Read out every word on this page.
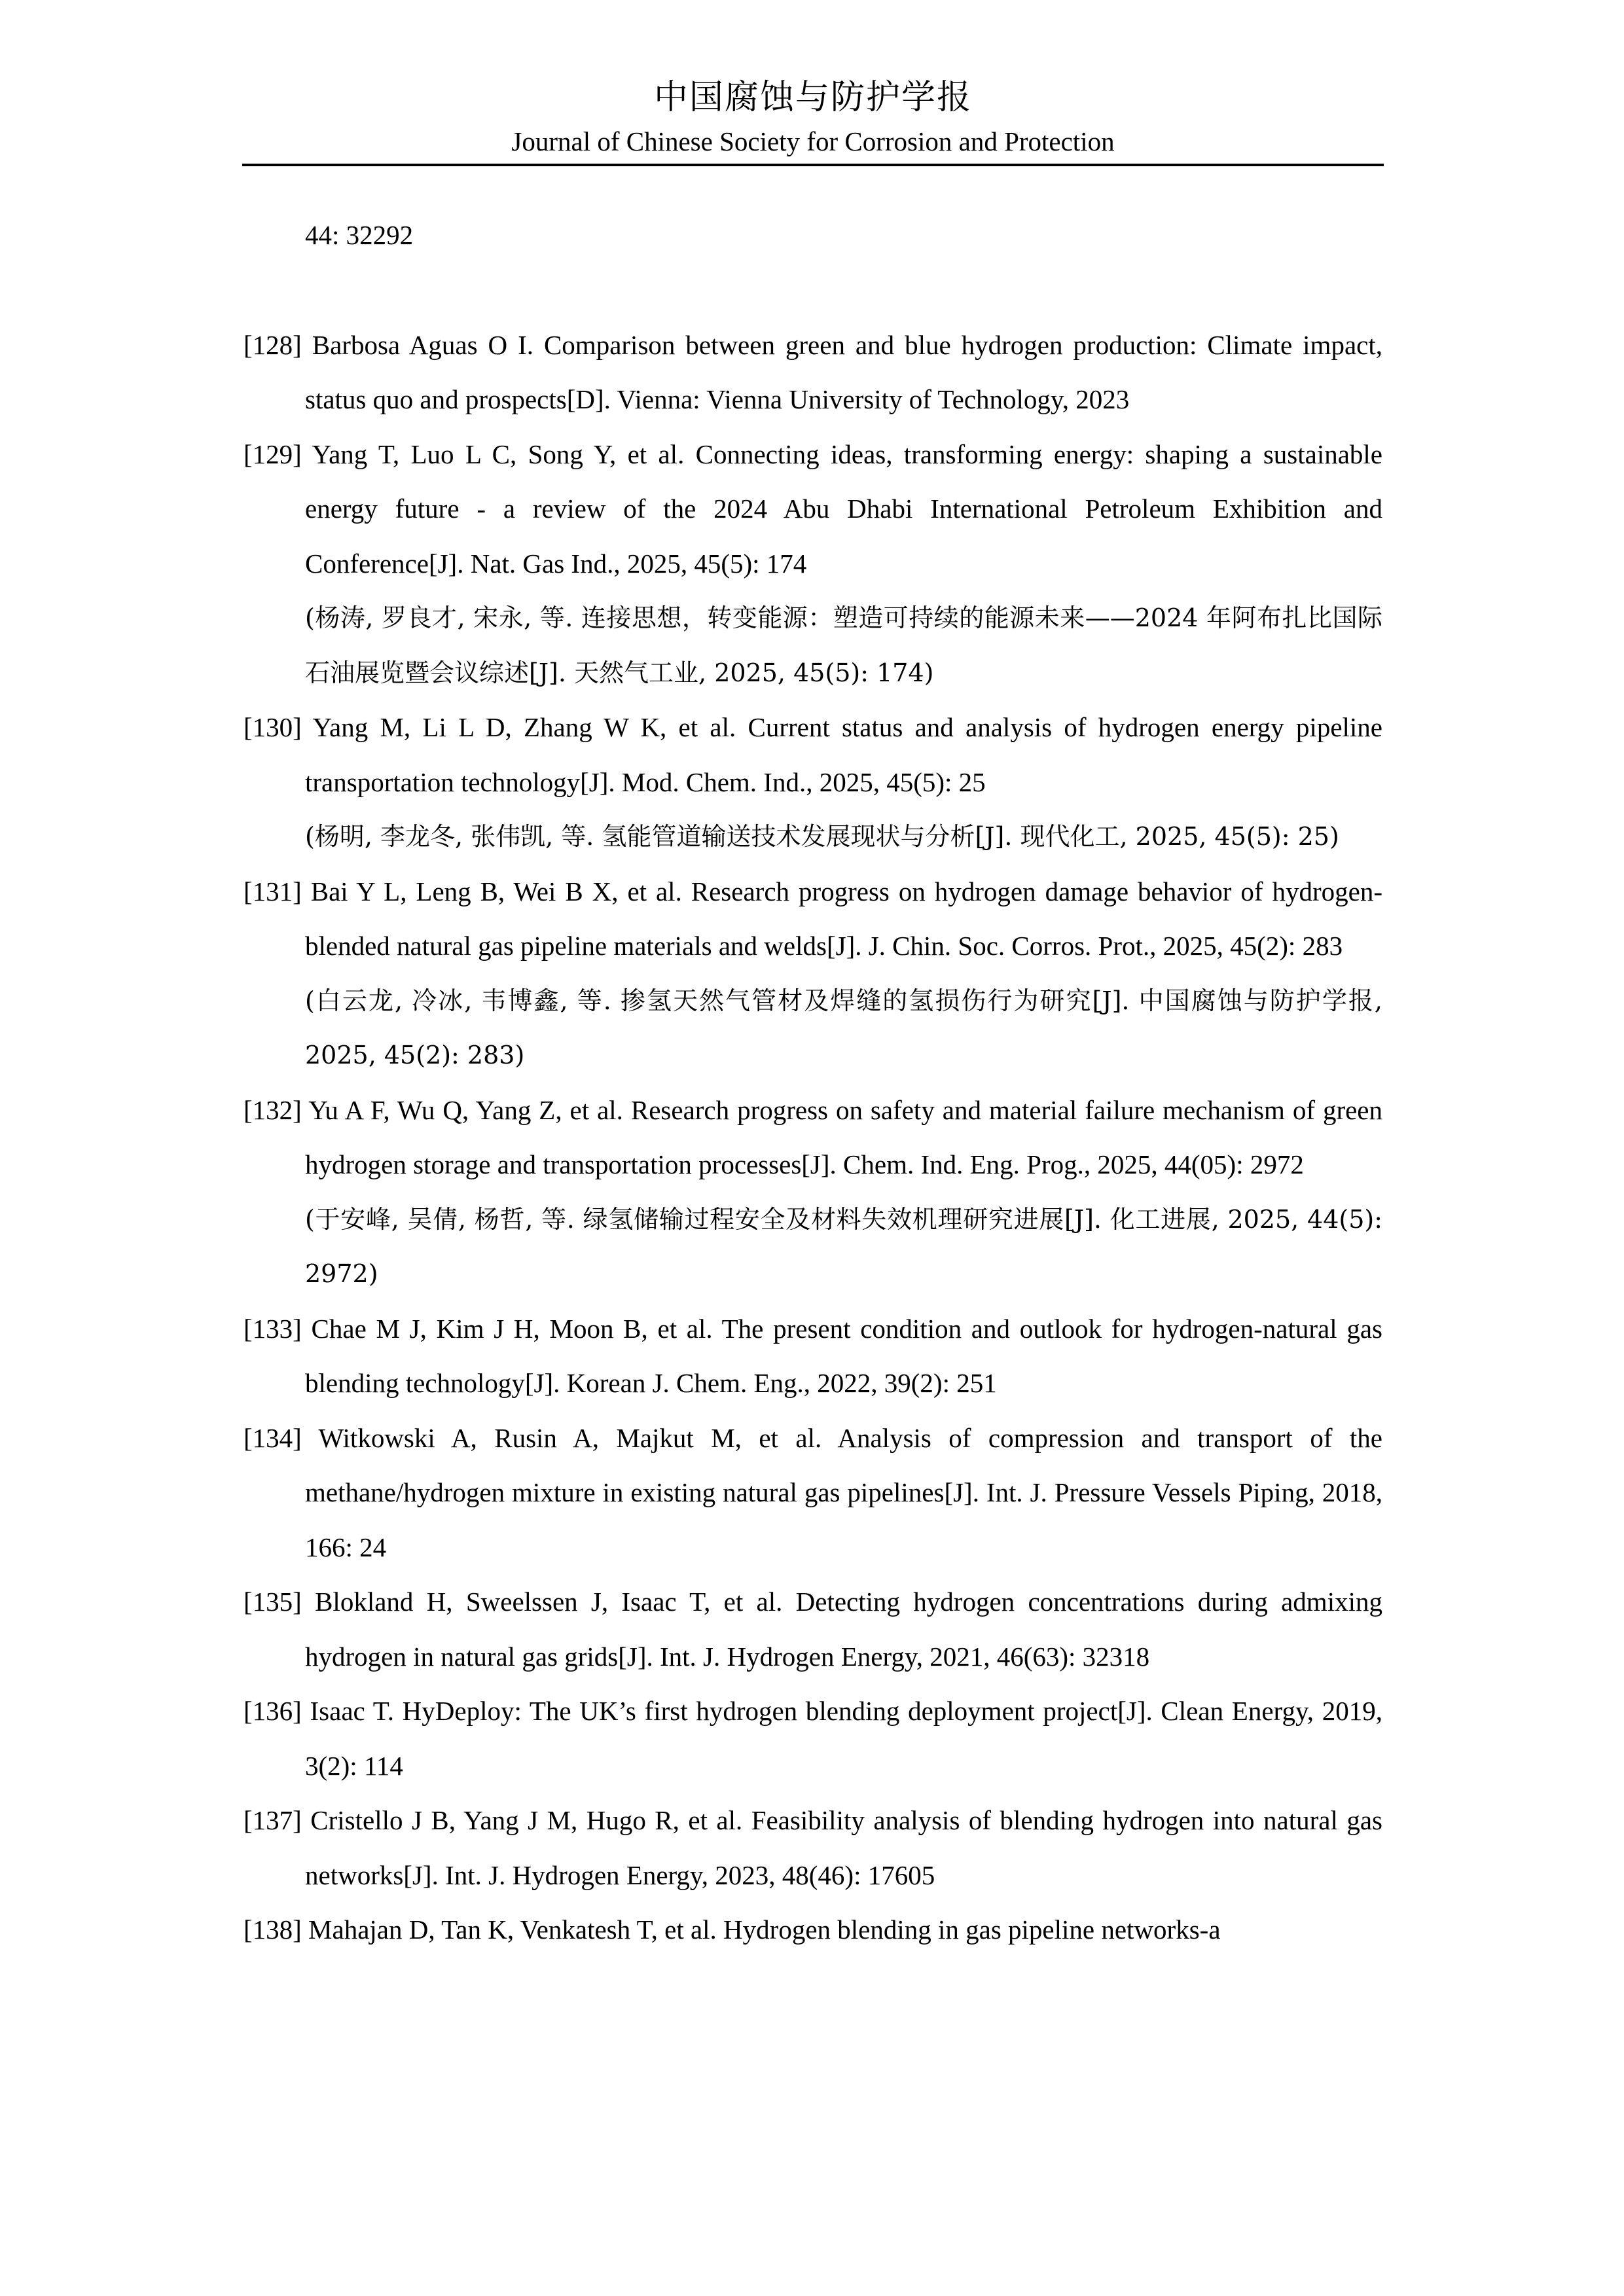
中国腐蚀与防护学报
Journal of Chinese Society for Corrosion and Protection
44: 32292
[128] Barbosa Aguas O I. Comparison between green and blue hydrogen production: Climate impact, status quo and prospects[D]. Vienna: Vienna University of Technology, 2023
[129] Yang T, Luo L C, Song Y, et al. Connecting ideas, transforming energy: shaping a sustainable energy future - a review of the 2024 Abu Dhabi International Petroleum Exhibition and Conference[J]. Nat. Gas Ind., 2025, 45(5): 174
(杨涛, 罗良才, 宋永, 等. 连接思想，转变能源：塑造可持续的能源未来——2024 年阿布扎比国际石油展览暨会议综述[J]. 天然气工业, 2025, 45(5): 174)
[130] Yang M, Li L D, Zhang W K, et al. Current status and analysis of hydrogen energy pipeline transportation technology[J]. Mod. Chem. Ind., 2025, 45(5): 25
(杨明, 李龙冬, 张伟凯, 等. 氢能管道输送技术发展现状与分析[J]. 现代化工, 2025, 45(5): 25)
[131] Bai Y L, Leng B, Wei B X, et al. Research progress on hydrogen damage behavior of hydrogen-blended natural gas pipeline materials and welds[J]. J. Chin. Soc. Corros. Prot., 2025, 45(2): 283
(白云龙, 冷冰, 韦博鑫, 等. 掺氢天然气管材及焊缝的氢损伤行为研究[J]. 中国腐蚀与防护学报, 2025, 45(2): 283)
[132] Yu A F, Wu Q, Yang Z, et al. Research progress on safety and material failure mechanism of green hydrogen storage and transportation processes[J]. Chem. Ind. Eng. Prog., 2025, 44(05): 2972
(于安峰, 吴倩, 杨哲, 等. 绿氢储输过程安全及材料失效机理研究进展[J]. 化工进展, 2025, 44(5): 2972)
[133] Chae M J, Kim J H, Moon B, et al. The present condition and outlook for hydrogen-natural gas blending technology[J]. Korean J. Chem. Eng., 2022, 39(2): 251
[134] Witkowski A, Rusin A, Majkut M, et al. Analysis of compression and transport of the methane/hydrogen mixture in existing natural gas pipelines[J]. Int. J. Pressure Vessels Piping, 2018, 166: 24
[135] Blokland H, Sweelssen J, Isaac T, et al. Detecting hydrogen concentrations during admixing hydrogen in natural gas grids[J]. Int. J. Hydrogen Energy, 2021, 46(63): 32318
[136] Isaac T. HyDeploy: The UK’s first hydrogen blending deployment project[J]. Clean Energy, 2019, 3(2): 114
[137] Cristello J B, Yang J M, Hugo R, et al. Feasibility analysis of blending hydrogen into natural gas networks[J]. Int. J. Hydrogen Energy, 2023, 48(46): 17605
[138] Mahajan D, Tan K, Venkatesh T, et al. Hydrogen blending in gas pipeline networks-a
